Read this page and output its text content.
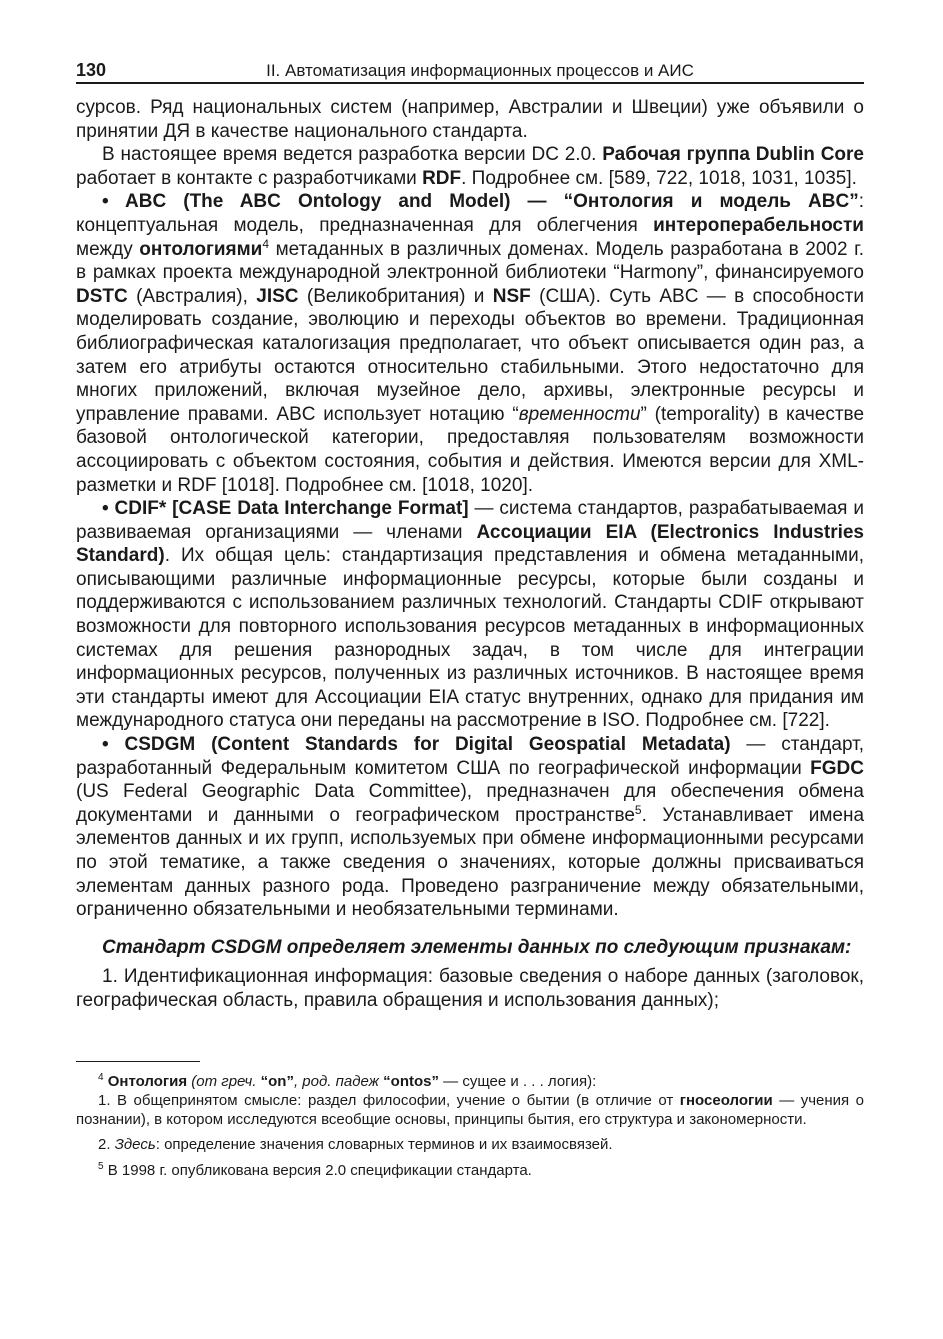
130	II. Автоматизация информационных процессов и АИС

сурсов. Ряд национальных систем (например, Австралии и Швеции) уже объявили о принятии ДЯ в качестве национального стандарта.

В настоящее время ведется разработка версии DC 2.0. Рабочая группа Dublin Core работает в контакте с разработчиками RDF. Подробнее см. [589, 722, 1018, 1031, 1035].

• ABC (The ABC Ontology and Model) — “Онтология и модель ABC”: концептуальная модель, предназначенная для облегчения интероперабельности между онтологиями$^4$ метаданных в различных доменах. Модель разработана в 2002 г. в рамках проекта международной электронной библиотеки “Harmony”, финансируемого DSTC (Австралия), JISC (Великобритания) и NSF (США). Суть ABC — в способности моделировать создание, эволюцию и переходы объектов во времени. Традиционная библиографическая каталогизация предполагает, что объект описывается один раз, а затем его атрибуты остаются относительно стабильными. Этого недостаточно для многих приложений, включая музейное дело, архивы, электронные ресурсы и управление правами. ABC использует нотацию “временности” (temporality) в качестве базовой онтологической категории, предоставляя пользователям возможности ассоциировать с объектом состояния, события и действия. Имеются версии для XML-разметки и RDF [1018]. Подробнее см. [1018, 1020].

• CDIF* [CASE Data Interchange Format] — система стандартов, разрабатываемая и развиваемая организациями — членами Ассоциации EIA (Electronics Industries Standard). Их общая цель: стандартизация представления и обмена метаданными, описывающими различные информационные ресурсы, которые были созданы и поддерживаются с использованием различных технологий. Стандарты CDIF открывают возможности для повторного использования ресурсов метаданных в информационных системах для решения разнородных задач, в том числе для интеграции информационных ресурсов, полученных из различных источников. В настоящее время эти стандарты имеют для Ассоциации EIA статус внутренних, однако для придания им международного статуса они переданы на рассмотрение в ISO. Подробнее см. [722].

• CSDGM (Content Standards for Digital Geospatial Metadata) — стандарт, разработанный Федеральным комитетом США по географической информации FGDC (US Federal Geographic Data Committee), предназначен для обеспечения обмена документами и данными о географическом пространстве$^5$. Устанавливает имена элементов данных и их групп, используемых при обмене информационными ресурсами по этой тематике, а также сведения о значениях, которые должны присваиваться элементам данных разного рода. Проведено разграничение между обязательными, ограниченно обязательными и необязательными терминами.

Стандарт CSDGM определяет элементы данных по следующим признакам:

1. Идентификационная информация: базовые сведения о наборе данных (заголовок, географическая область, правила обращения и использования данных);

$^4$ Онтология (от греч. “on”, род. падеж “ontos” — сущее и . . . логия):

1. В общепринятом смысле: раздел философии, учение о бытии (в отличие от гносеологии — учения о познании), в котором исследуются всеобщие основы, принципы бытия, его структура и закономерности.

2. Здесь: определение значения словарных терминов и их взаимосвязей.

$^5$ В 1998 г. опубликована версия 2.0 спецификации стандарта.
